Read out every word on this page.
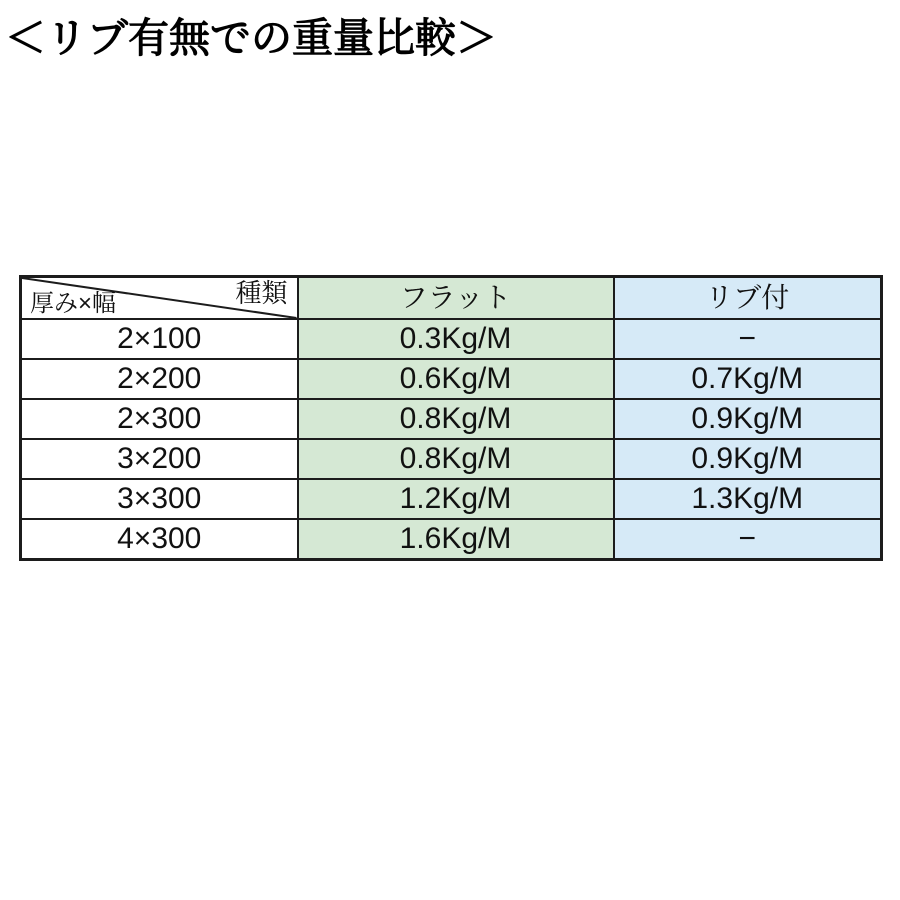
＜リブ有無での重量比較＞
種類
厚み×幅	フラット	リブ付
2×100	0.3Kg/M	−
2×200	0.6Kg/M	0.7Kg/M
2×300	0.8Kg/M	0.9Kg/M
3×200	0.8Kg/M	0.9Kg/M
3×300	1.2Kg/M	1.3Kg/M
4×300	1.6Kg/M	−
